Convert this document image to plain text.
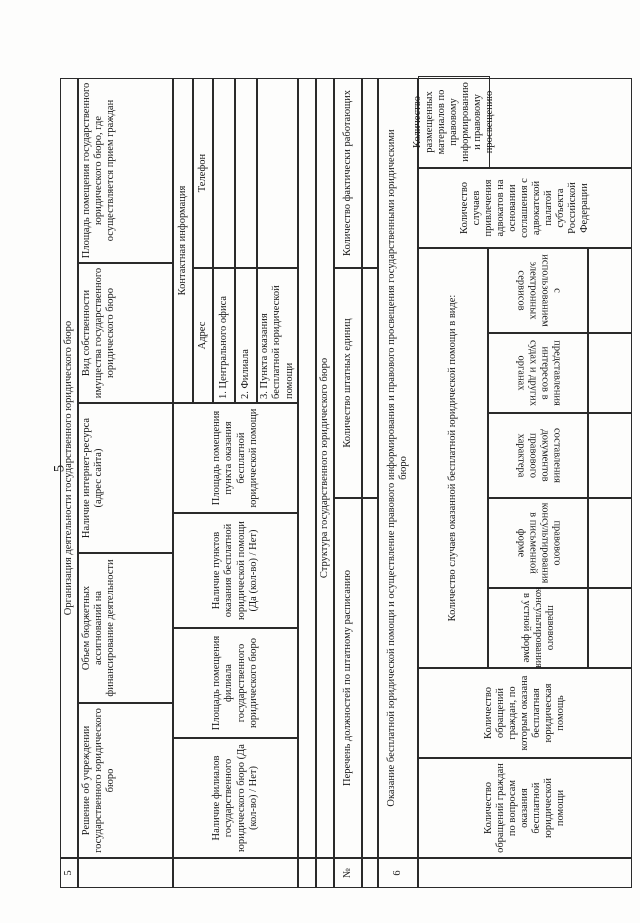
5
5
Организация деятельности государственного юридического бюро
Решение об учреждении государственного юридического бюро
Объем бюджетных ассигнований на финансирование деятельности
Наличие интернет-ресурса (адрес сайта)
Вид собственности имущества государственного юридического бюро
Площадь помещения государственного юридического бюро, где осуществляется прием граждан
Наличие филиалов государственного юридического бюро (Да (кол-во) / Нет)
Площадь помещения филиала государственного юридического бюро
Наличие пунктов оказания бесплатной юридической помощи (Да (кол-во) / Нет)
Площадь помещения пункта оказания бесплатной юридической помощи
Контактная информация
Адрес
Телефон
1. Центрального офиса	2. Филиала 3. Пункта оказания бесплатной юридической помощи	Структура государственного юридического бюро
№
Перечень должностей по штатному расписанию
Количество штатных единиц
Количество фактически работающих
6
Оказание бесплатной юридической помощи и осуществление правового информирования и правового просвещения государственными юридическими бюро
Количество обращений граждан по вопросам оказания бесплатной юридической помощи
Количество обращений граждан, по которым оказана бесплатная юридическая помощь
Количество случаев оказанной бесплатной юридической помощи в виде:
правового консультирования в устной форме
правового консультирования в письменной форме
составления документов правового характера
представления интересов в судах и других органах
с использованием электронных сервисов
Количество случаев привлечения адвокатов на основании соглашения с адвокатской палатой субъекта Российской Федерации
Количество размещенных материалов по правовому информированию и правовому просвещению
